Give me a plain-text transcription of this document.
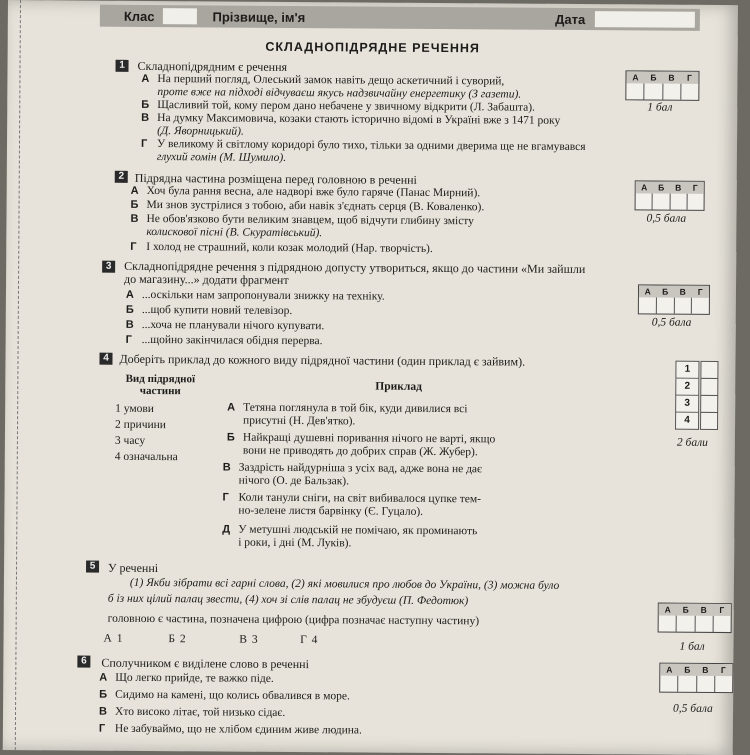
Клас	Прізвище, ім'я	Дата
СКЛАДНОПІДРЯДНЕ РЕЧЕННЯ
1	Складнопідрядним є речення
А На перший погляд, Олеський замок навіть дещо аскетичний і суворий,
проте вже на підході відчуваєш якусь надзвичайну енергетику (З газети).
Б Щасливий той, кому пером дано небачене у звичному відкрити (Л. Забашта).
В На думку Максимовича, козаки стають історично відомі в Україні вже з 1471 року
(Д. Яворницький).
Г У великому й світлому коридорі було тихо, тільки за одними дверима ще не вгамувався
глухий гомін (М. Шумило).
А	Б	В	Г
1 бал
2 Підрядна частина розміщена перед головною в реченні
А Хоч була рання весна, але надворі вже було гаряче (Панас Мирний).
Б Ми знов зустрілися з тобою, аби навік з'єднать серця (В. Коваленко).
В Не обов'язково бути великим знавцем, щоб відчути глибину змісту
колискової пісні (В. Скуратівський).
Г І холод не страшний, коли козак молодий (Нар. творчість).
А	Б	В	Г
0,5 бала
3	Складнопідрядне речення з підрядною допусту утвориться, якщо до частини «Ми зайшли
до магазину...» додати фрагмент
А ...оскільки нам запропонували знижку на техніку.
Б ...щоб купити новий телевізор.
В ...хоча не планували нічого купувати.
Г ...щойно закінчилася обідня перерва.
А	Б	В	Г
0,5 бала
4 Доберіть приклад до кожного виду підрядної частини (один приклад є зайвим).
Вид підрядної частини	Приклад
1 умови
2 причини
3 часу
4 означальна
А Тетяна поглянула в той бік, куди дивилися всі
присутні (Н. Дев'ятко).
Б Найкращі душевні поривання нічого не варті, якщо
вони не приводять до добрих справ (Ж. Жубер).
В Заздрість найдурніша з усіх вад, адже вона не дає
нічого (О. де Бальзак).
Г Коли танули сніги, на світ вибивалося цупке тем-
но-зелене листя барвінку (Є. Гуцало).
Д У метушні людській не помічаю, як проминають
і роки, і дні (М. Луків).
1
2
3
4
2 бали
5	У реченні
(1) Якби зібрати всі гарні слова, (2) які мовилися про любов до України, (3) можна було
б із них цілий палац звести, (4) хоч зі слів палац не збудуєш (П. Федотюк)
головною є частина, позначена цифрою (цифра позначає наступну частину)
А 1	Б 2	В 3	Г 4
А	Б	В	Г
1 бал
6	Сполучником є виділене слово в реченні
А Що легко прийде, те важко піде.
Б Сидимо на камені, що колись обвалився в море.
В Хто високо літає, той низько сідає.
Г Не забуваймо, що не хлібом єдиним живе людина.
А	Б	В	Г
0,5 бала
